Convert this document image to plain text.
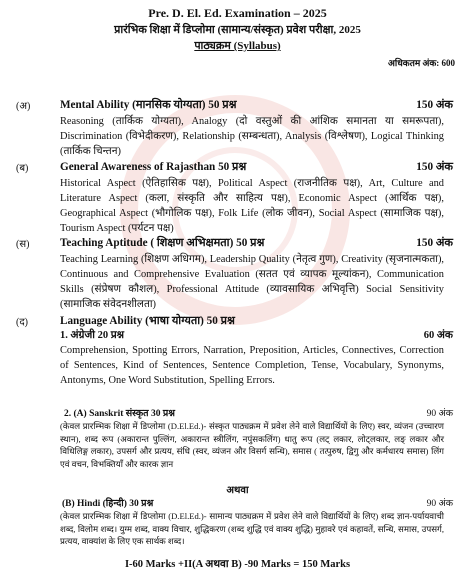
Pre. D. El. Ed. Examination – 2025
प्रारंभिक शिक्षा में डिप्लोमा (सामान्य/संस्कृत) प्रवेश परीक्षा, 2025
पाठ्यक्रम (Syllabus)
अधिकतम अंक: 600
(अ)	Mental Ability (मानसिक योग्यता) 50 प्रश्न	150 अंक
Reasoning (तार्किक योग्यता), Analogy (दो वस्तुओं की आंशिक समानता या समरूपता), Discrimination (विभेदीकरण), Relationship (सम्बन्धता), Analysis (विश्लेषण), Logical Thinking (तार्किक चिन्तन)
(ब)	General Awareness of Rajasthan 50 प्रश्न	150 अंक
Historical Aspect (ऐतिहासिक पक्ष), Political Aspect (राजनीतिक पक्ष), Art, Culture and Literature Aspect (कला, संस्कृति और साहित्य पक्ष), Economic Aspect (आर्थिक पक्ष), Geographical Aspect (भौगोलिक पक्ष), Folk Life (लोक जीवन), Social Aspect (सामाजिक पक्ष), Tourism Aspect (पर्यटन पक्ष)
(स)	Teaching Aptitude ( शिक्षण अभिक्षमता) 50 प्रश्न	150 अंक
Teaching Learning (शिक्षण अधिगम), Leadership Quality (नेतृत्व गुण), Creativity (सृजनात्मकता), Continuous and Comprehensive Evaluation (सतत एवं व्यापक मूल्यांकन), Communication Skills (संप्रेषण कौशल), Professional Attitude (व्यावसायिक अभिवृत्ति) Social Sensitivity (सामाजिक संवेदनशीलता)
(द)	Language Ability (भाषा योग्यता) 50 प्रश्न
1. अंग्रेजी 20 प्रश्न	60 अंक
Comprehension, Spotting Errors, Narration, Preposition, Articles, Connectives, Correction of Sentences, Kind of Sentences, Sentence Completion, Tense, Vocabulary, Synonyms, Antonyms, One Word Substitution, Spelling Errors.
2. (A) Sanskrit संस्कृत 30 प्रश्न	90 अंक
(केवल प्रारम्भिक शिक्षा में डिप्लोमा (D.El.Ed.)- संस्कृत पाठ्यक्रम में प्रवेश लेने वाले विद्यार्थियों के लिए) स्वर, व्यंजन (उच्चारण स्थान), शब्द रूप (अकारान्त पुल्लिंग, अकारान्त स्त्रीलिंग, नपुंसकलिंग) धातु रूप (लट् लकार, लोट्लकार, लङ् लकार और विधिलिङ्ग लकार), उपसर्ग और प्रत्यय, संधि (स्वर, व्यंजन और विसर्ग सन्धि), समास ( तत्पुरुष, द्विगु और कर्मधारय समास) लिंग एवं वचन, विभक्तियाँ और कारक ज्ञान
अथवा
(B) Hindi (हिन्दी) 30 प्रश्न	90 अंक
(केवल प्रारम्भिक शिक्षा में डिप्लोमा (D.El.Ed.)- सामान्य पाठ्यक्रम में प्रवेश लेने वाले विद्यार्थियों के लिए) शब्द ज्ञान-पर्यायवाची शब्द, विलोम शब्द। युग्म शब्द, वाक्य विचार, शुद्धिकरण (शब्द शुद्धि एवं वाक्य शुद्धि) मुहावरे एवं कहावतें, सन्धि, समास, उपसर्ग, प्रत्यय, वाक्यांश के लिए एक सार्थक शब्द।
I-60 Marks +II(A अथवा B) -90 Marks = 150 Marks
